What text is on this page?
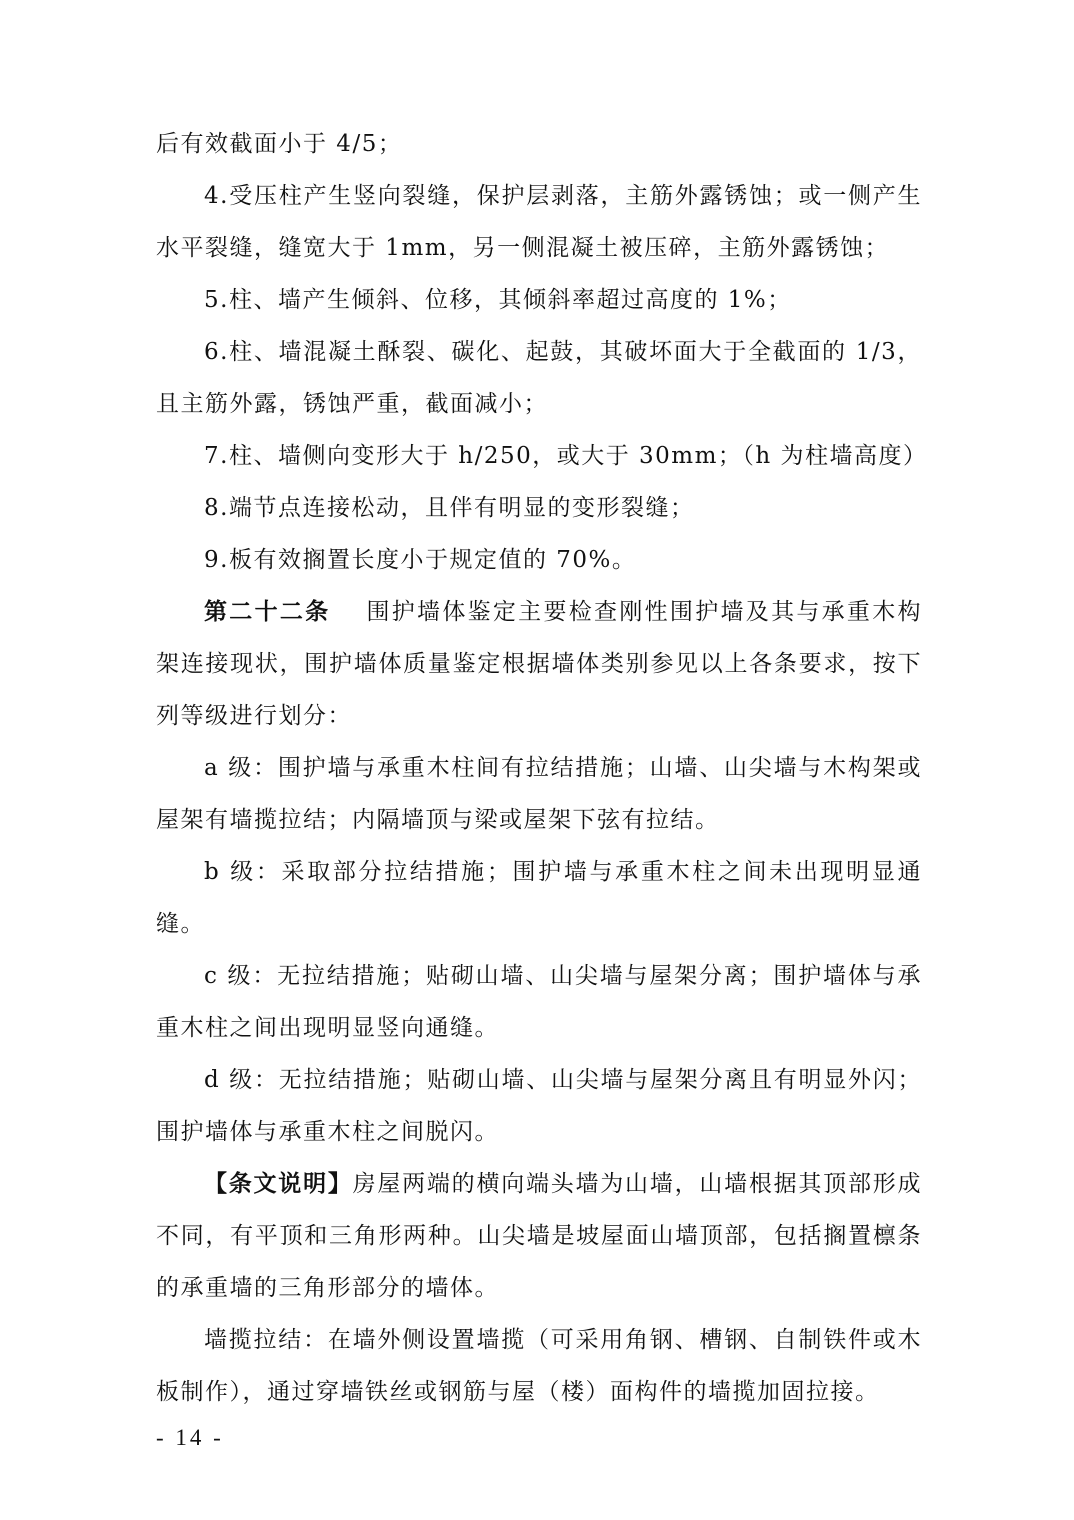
后有效截面小于 4/5；

4.受压柱产生竖向裂缝，保护层剥落，主筋外露锈蚀；或一侧产生水平裂缝，缝宽大于 1mm，另一侧混凝土被压碎，主筋外露锈蚀；

5.柱、墙产生倾斜、位移，其倾斜率超过高度的 1%；

6.柱、墙混凝土酥裂、碳化、起鼓，其破坏面大于全截面的 1/3，且主筋外露，锈蚀严重，截面减小；

7.柱、墙侧向变形大于 h/250，或大于 30mm；（h 为柱墙高度）

8.端节点连接松动，且伴有明显的变形裂缝；

9.板有效搁置长度小于规定值的 70%。

第二十二条 围护墙体鉴定主要检查刚性围护墙及其与承重木构架连接现状，围护墙体质量鉴定根据墙体类别参见以上各条要求，按下列等级进行划分：

a 级：围护墙与承重木柱间有拉结措施；山墙、山尖墙与木构架或屋架有墙揽拉结；内隔墙顶与梁或屋架下弦有拉结。

b 级：采取部分拉结措施；围护墙与承重木柱之间未出现明显通缝。

c 级：无拉结措施；贴砌山墙、山尖墙与屋架分离；围护墙体与承重木柱之间出现明显竖向通缝。

d 级：无拉结措施；贴砌山墙、山尖墙与屋架分离且有明显外闪；围护墙体与承重木柱之间脱闪。

【条文说明】房屋两端的横向端头墙为山墙，山墙根据其顶部形成不同，有平顶和三角形两种。山尖墙是坡屋面山墙顶部，包括搁置檩条的承重墙的三角形部分的墙体。

墙揽拉结：在墙外侧设置墙揽（可采用角钢、槽钢、自制铁件或木板制作），通过穿墙铁丝或钢筋与屋（楼）面构件的墙揽加固拉接。

- 14 -
